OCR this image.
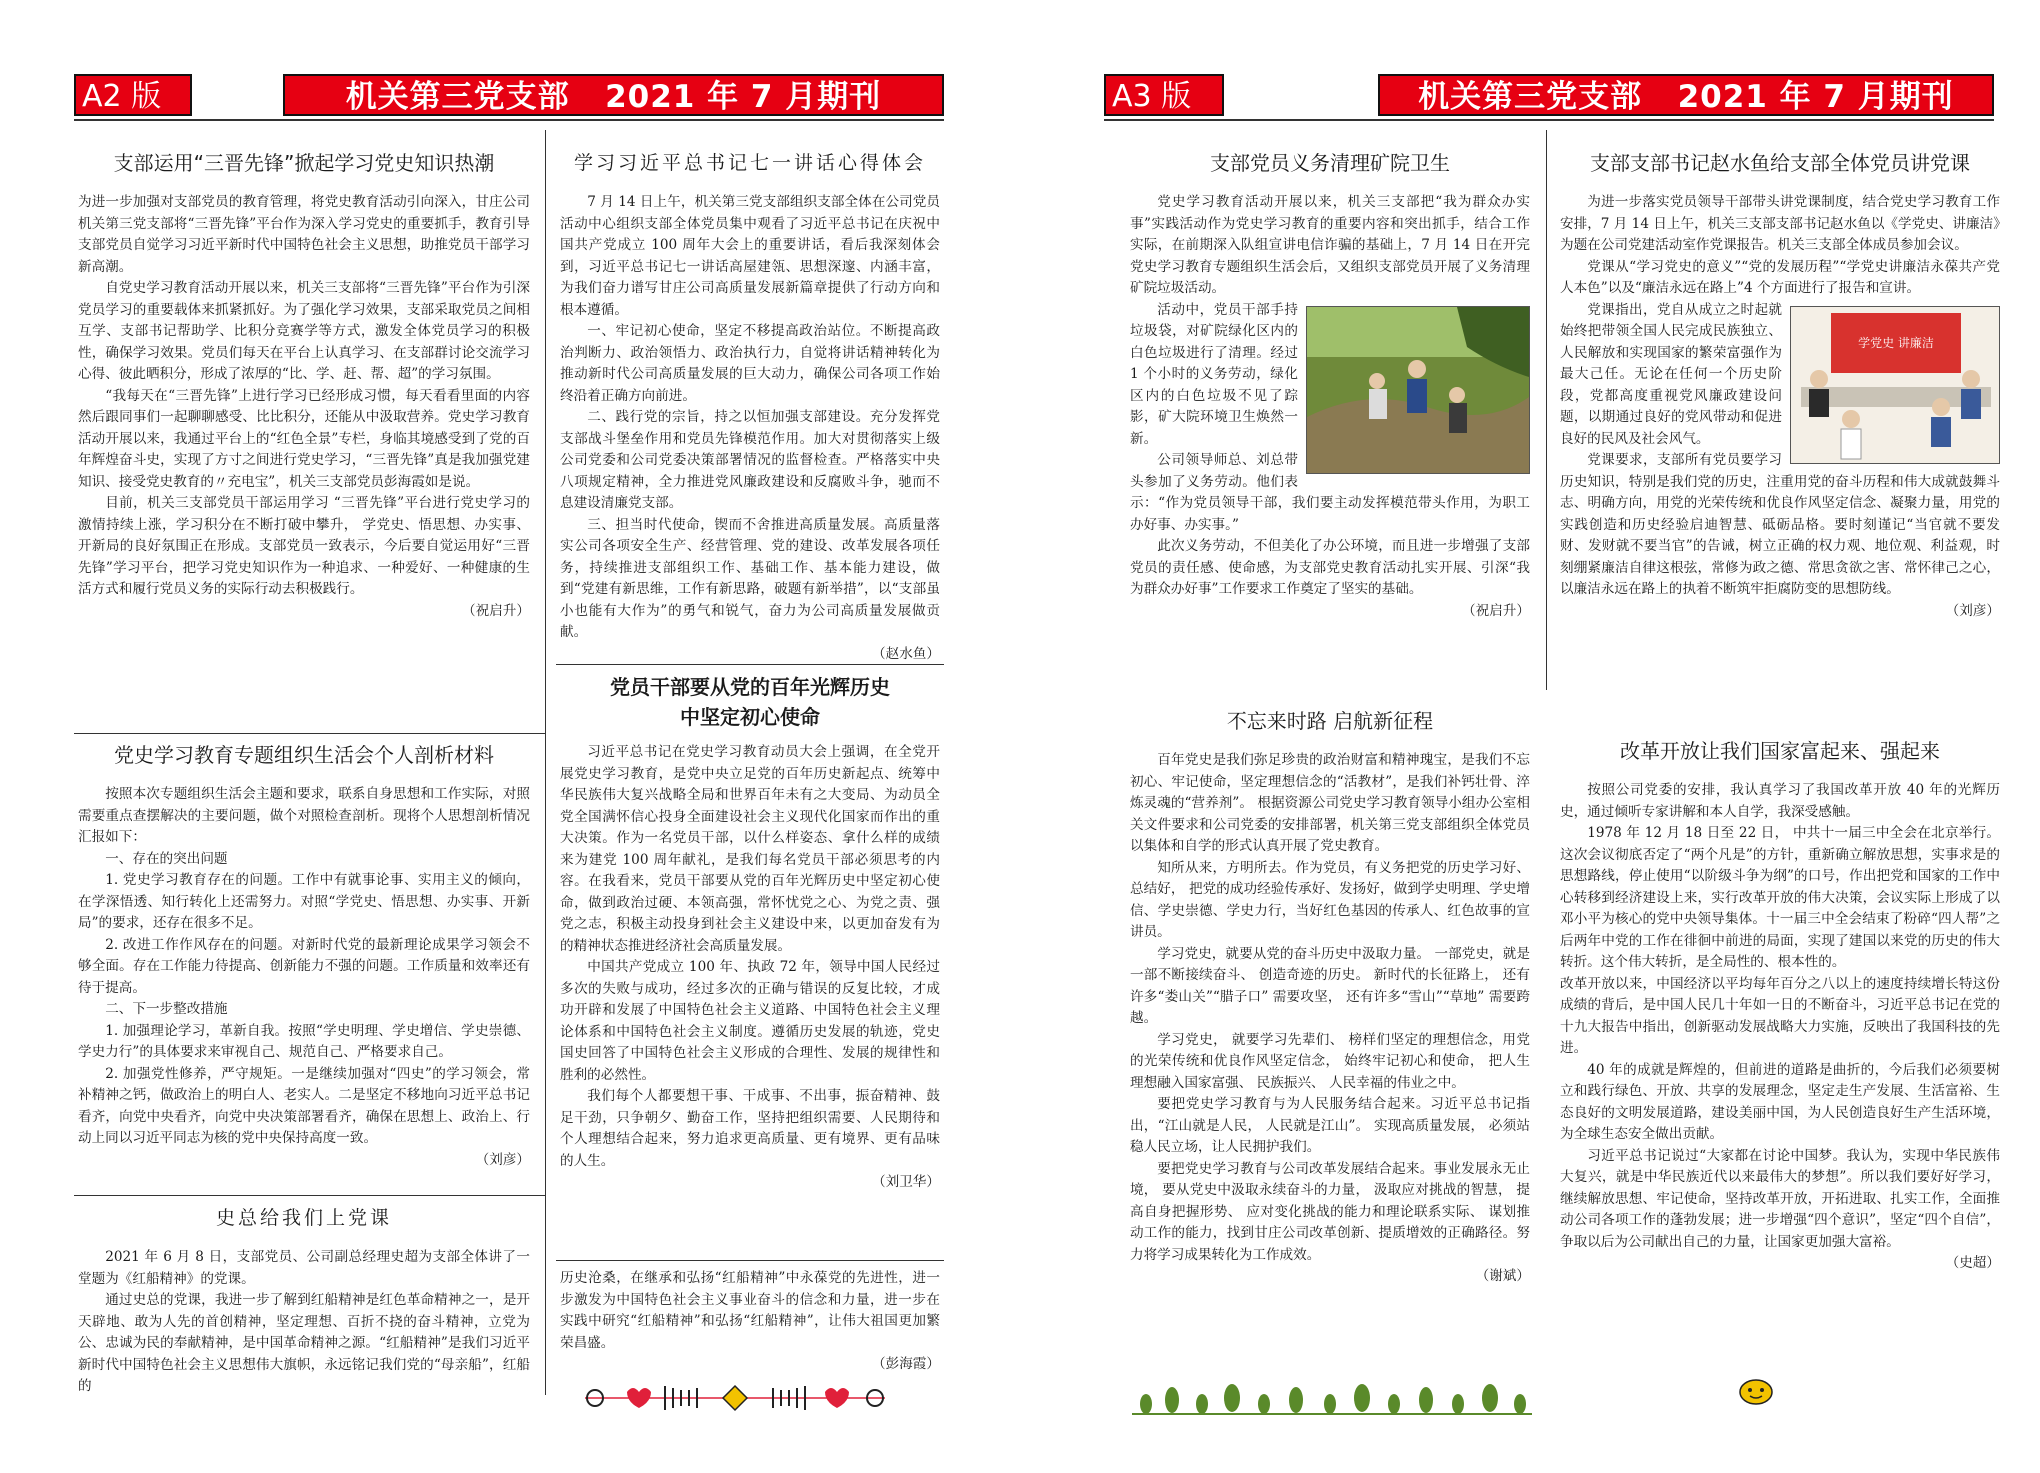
A2 版	机关第三党支部   2021 年 7 月期刊
支部运用“三晋先锋”掀起学习党史知识热潮

为进一步加强对支部党员的教育管理，将党史教育活动引向深入，甘庄公司机关第三党支部将“三晋先锋”平台作为深入学习党史的重要抓手，教育引导支部党员自觉学习习近平新时代中国特色社会主义思想，助推党员干部学习新高潮。

自党史学习教育活动开展以来，机关三支部将“三晋先锋”平台作为引深党员学习的重要载体来抓紧抓好。为了强化学习效果，支部采取党员之间相互学、支部书记帮助学、比积分竞赛学等方式，激发全体党员学习的积极性，确保学习效果。党员们每天在平台上认真学习、在支部群讨论交流学习心得、彼此晒积分，形成了浓厚的“比、学、赶、帮、超”的学习氛围。

“我每天在“三晋先锋”上进行学习已经形成习惯，每天看看里面的内容然后跟同事们一起聊聊感受、比比积分，还能从中汲取营养。党史学习教育活动开展以来，我通过平台上的“红色全景”专栏，身临其境感受到了党的百年辉煌奋斗史，实现了方寸之间进行党史学习，“三晋先锋”真是我加强党建知识、接受党史教育的〃充电宝”，机关三支部党员彭海霞如是说。

目前，机关三支部党员干部运用学习 “三晋先锋”平台进行党史学习的激情持续上涨，学习积分在不断打破中攀升， 学党史、悟思想、办实事、开新局的良好氛围正在形成。支部党员一致表示，今后要自觉运用好“三晋先锋”学习平台，把学习党史知识作为一种追求、一种爱好、一种健康的生活方式和履行党员义务的实际行动去积极践行。

（祝启升）

党史学习教育专题组织生活会个人剖析材料

按照本次专题组织生活会主题和要求，联系自身思想和工作实际，对照需要重点查摆解决的主要问题，做个对照检查剖析。现将个人思想剖析情况汇报如下：

一、存在的突出问题

1. 党史学习教育存在的问题。工作中有就事论事、实用主义的倾向，在学深悟透、知行转化上还需努力。对照“学党史、悟思想、办实事、开新局”的要求，还存在很多不足。

2. 改进工作作风存在的问题。对新时代党的最新理论成果学习领会不够全面。存在工作能力待提高、创新能力不强的问题。工作质量和效率还有待于提高。

二、下一步整改措施

1. 加强理论学习，革新自我。按照“学史明理、学史增信、学史崇德、学史力行”的具体要求来审视自己、规范自己、严格要求自己。

2. 加强党性修养，严守规矩。一是继续加强对“四史”的学习领会，常补精神之钙，做政治上的明白人、老实人。二是坚定不移地向习近平总书记看齐，向党中央看齐，向党中央决策部署看齐，确保在思想上、政治上、行动上同以习近平同志为核的党中央保持高度一致。

（刘彦）

史总给我们上党课

2021 年 6 月 8 日，支部党员、公司副总经理史超为支部全体讲了一堂题为《红船精神》的党课。

通过史总的党课，我进一步了解到红船精神是红色革命精神之一，是开天辟地、敢为人先的首创精神，坚定理想、百折不挠的奋斗精神，立党为公、忠诚为民的奉献精神，是中国革命精神之源。“红船精神”是我们习近平新时代中国特色社会主义思想伟大旗帜，永远铭记我们党的“母亲船”，红船的

学习习近平总书记七一讲话心得体会

7 月 14 日上午，机关第三党支部组织支部全体在公司党员活动中心组织支部全体党员集中观看了习近平总书记在庆祝中国共产党成立 100 周年大会上的重要讲话，看后我深刻体会到，习近平总书记七一讲话高屋建瓴、思想深邃、内涵丰富，为我们奋力谱写甘庄公司高质量发展新篇章提供了行动方向和根本遵循。

一、牢记初心使命，坚定不移提高政治站位。不断提高政治判断力、政治领悟力、政治执行力，自觉将讲话精神转化为推动新时代公司高质量发展的巨大动力，确保公司各项工作始终沿着正确方向前进。

二、践行党的宗旨，持之以恒加强支部建设。充分发挥党支部战斗堡垒作用和党员先锋模范作用。加大对贯彻落实上级公司党委和公司党委决策部署情况的监督检查。严格落实中央八项规定精神，全力推进党风廉政建设和反腐败斗争，驰而不息建设清廉党支部。

三、担当时代使命，锲而不舍推进高质量发展。高质量落实公司各项安全生产、经营管理、党的建设、改革发展各项任务，持续推进支部组织工作、基础工作、基本能力建设，做到“党建有新思维，工作有新思路，破题有新举措”，以“支部虽小也能有大作为”的勇气和锐气，奋力为公司高质量发展做贡献。

（赵水鱼）

党员干部要从党的百年光辉历史
中坚定初心使命

习近平总书记在党史学习教育动员大会上强调，在全党开展党史学习教育，是党中央立足党的百年历史新起点、统筹中华民族伟大复兴战略全局和世界百年未有之大变局、为动员全党全国满怀信心投身全面建设社会主义现代化国家而作出的重大决策。作为一名党员干部，以什么样姿态、拿什么样的成绩来为建党 100 周年献礼，是我们每名党员干部必须思考的内容。在我看来，党员干部要从党的百年光辉历史中坚定初心使命，做到政治过硬、本领高强，常怀忧党之心、为党之责、强党之志，积极主动投身到社会主义建设中来，以更加奋发有为的精神状态推进经济社会高质量发展。

中国共产党成立 100 年、执政 72 年，领导中国人民经过多次的失败与成功，经过多次的正确与错误的反复比较，才成功开辟和发展了中国特色社会主义道路、中国特色社会主义理论体系和中国特色社会主义制度。遵循历史发展的轨迹，党史国史回答了中国特色社会主义形成的合理性、发展的规律性和胜利的必然性。

我们每个人都要想干事、干成事、不出事，振奋精神、鼓足干劲，只争朝夕、勤奋工作，坚持把组织需要、人民期待和个人理想结合起来，努力追求更高质量、更有境界、更有品味的人生。

（刘卫华）

历史沧桑，在继承和弘扬“红船精神”中永葆党的先进性，进一步激发为中国特色社会主义事业奋斗的信念和力量，进一步在实践中研究“红船精神”和弘扬“红船精神”，让伟大祖国更加繁荣昌盛。

（彭海霞）

A3 版	机关第三党支部   2021 年 7 月期刊
支部党员义务清理矿院卫生

党史学习教育活动开展以来，机关三支部把“我为群众办实事”实践活动作为党史学习教育的重要内容和突出抓手，结合工作实际，在前期深入队组宣讲电信诈骗的基础上，7 月 14 日在开完党史学习教育专题组织生活会后，又组织支部党员开展了义务清理矿院垃圾活动。

活动中，党员干部手持垃圾袋，对矿院绿化区内的白色垃圾进行了清理。经过 1 个小时的义务劳动，绿化区内的白色垃圾不见了踪影，矿大院环境卫生焕然一新。

公司领导师总、刘总带头参加了义务劳动。他们表示：“作为党员领导干部，我们要主动发挥模范带头作用，为职工办好事、办实事。”

此次义务劳动，不但美化了办公环境，而且进一步增强了支部党员的责任感、使命感，为支部党史教育活动扎实开展、引深“我为群众办好事”工作要求工作奠定了坚实的基础。

（祝启升）

不忘来时路 启航新征程

百年党史是我们弥足珍贵的政治财富和精神瑰宝，是我们不忘初心、牢记使命，坚定理想信念的“活教材”，是我们补钙壮骨、淬炼灵魂的“营养剂”。 根据资源公司党史学习教育领导小组办公室相关文件要求和公司党委的安排部署，机关第三党支部组织全体党员以集体和自学的形式认真开展了党史教育。

知所从来，方明所去。作为党员，有义务把党的历史学习好、 总结好， 把党的成功经验传承好、发扬好，做到学史明理、学史增信、学史崇德、学史力行，当好红色基因的传承人、红色故事的宣讲员。

学习党史，就要从党的奋斗历史中汲取力量。 一部党史，就是一部不断接续奋斗、 创造奇迹的历史。 新时代的长征路上， 还有许多“娄山关”“腊子口” 需要攻坚， 还有许多“雪山”“草地” 需要跨越。

学习党史， 就要学习先辈们、 榜样们坚定的理想信念，用党的光荣传统和优良作风坚定信念， 始终牢记初心和使命， 把人生理想融入国家富强、 民族振兴、 人民幸福的伟业之中。

要把党史学习教育与为人民服务结合起来。习近平总书记指出，“江山就是人民， 人民就是江山”。 实现高质量发展， 必须站稳人民立场，让人民拥护我们。

要把党史学习教育与公司改革发展结合起来。事业发展永无止境， 要从党史中汲取永续奋斗的力量， 汲取应对挑战的智慧， 提高自身把握形势、 应对变化挑战的能力和理论联系实际、 谋划推动工作的能力，找到甘庄公司改革创新、提质增效的正确路径。努力将学习成果转化为工作成效。

（谢斌）

支部支部书记赵水鱼给支部全体党员讲党课

为进一步落实党员领导干部带头讲党课制度，结合党史学习教育工作安排，7 月 14 日上午，机关三支部支部书记赵水鱼以《学党史、讲廉洁》为题在公司党建活动室作党课报告。机关三支部全体成员参加会议。

党课从“学习党史的意义”“党的发展历程”“学党史讲廉洁永葆共产党人本色”以及“廉洁永远在路上”4 个方面进行了报告和宣讲。

学党史 讲廉洁

党课指出，党自从成立之时起就始终把带领全国人民完成民族独立、人民解放和实现国家的繁荣富强作为最大己任。无论在任何一个历史阶段，党都高度重视党风廉政建设问题，以期通过良好的党风带动和促进良好的民风及社会风气。

党课要求，支部所有党员要学习历史知识，特别是我们党的历史，注重用党的奋斗历程和伟大成就鼓舞斗志、明确方向，用党的光荣传统和优良作风坚定信念、凝聚力量，用党的实践创造和历史经验启迪智慧、砥砺品格。要时刻谨记“当官就不要发财、发财就不要当官”的告诫，树立正确的权力观、地位观、利益观，时刻绷紧廉洁自律这根弦，常修为政之德、常思贪欲之害、常怀律己之心，以廉洁永远在路上的执着不断筑牢拒腐防变的思想防线。

（刘彦）

改革开放让我们国家富起来、强起来

按照公司党委的安排，我认真学习了我国改革开放 40 年的光辉历史，通过倾听专家讲解和本人自学，我深受感触。

1978 年 12 月 18 日至 22 日， 中共十一届三中全会在北京举行。这次会议彻底否定了“两个凡是”的方针，重新确立解放思想，实事求是的思想路线，停止使用“以阶级斗争为纲”的口号，作出把党和国家的工作中心转移到经济建设上来，实行改革开放的伟大决策，会议实际上形成了以邓小平为核心的党中央领导集体。十一届三中全会结束了粉碎“四人帮”之后两年中党的工作在徘徊中前进的局面，实现了建国以来党的历史的伟大转折。这个伟大转折，是全局性的、根本性的。

改革开放以来，中国经济以平均每年百分之八以上的速度持续增长特这份成绩的背后，是中国人民几十年如一日的不断奋斗，习近平总书记在党的十九大报告中指出，创新驱动发展战略大力实施，反映出了我国科技的先进。

40 年的成就是辉煌的，但前进的道路是曲折的，今后我们必须要树立和践行绿色、开放、共享的发展理念，坚定走生产发展、生活富裕、生态良好的文明发展道路，建设美丽中国，为人民创造良好生产生活环境，为全球生态安全做出贡献。

习近平总书记说过“大家都在讨论中国梦。我认为，实现中华民族伟大复兴，就是中华民族近代以来最伟大的梦想”。所以我们要好好学习，继续解放思想、牢记使命，坚持改革开放，开拓进取、扎实工作，全面推动公司各项工作的蓬勃发展；进一步增强“四个意识”，坚定“四个自信”，争取以后为公司献出自己的力量，让国家更加强大富裕。

（史超）
